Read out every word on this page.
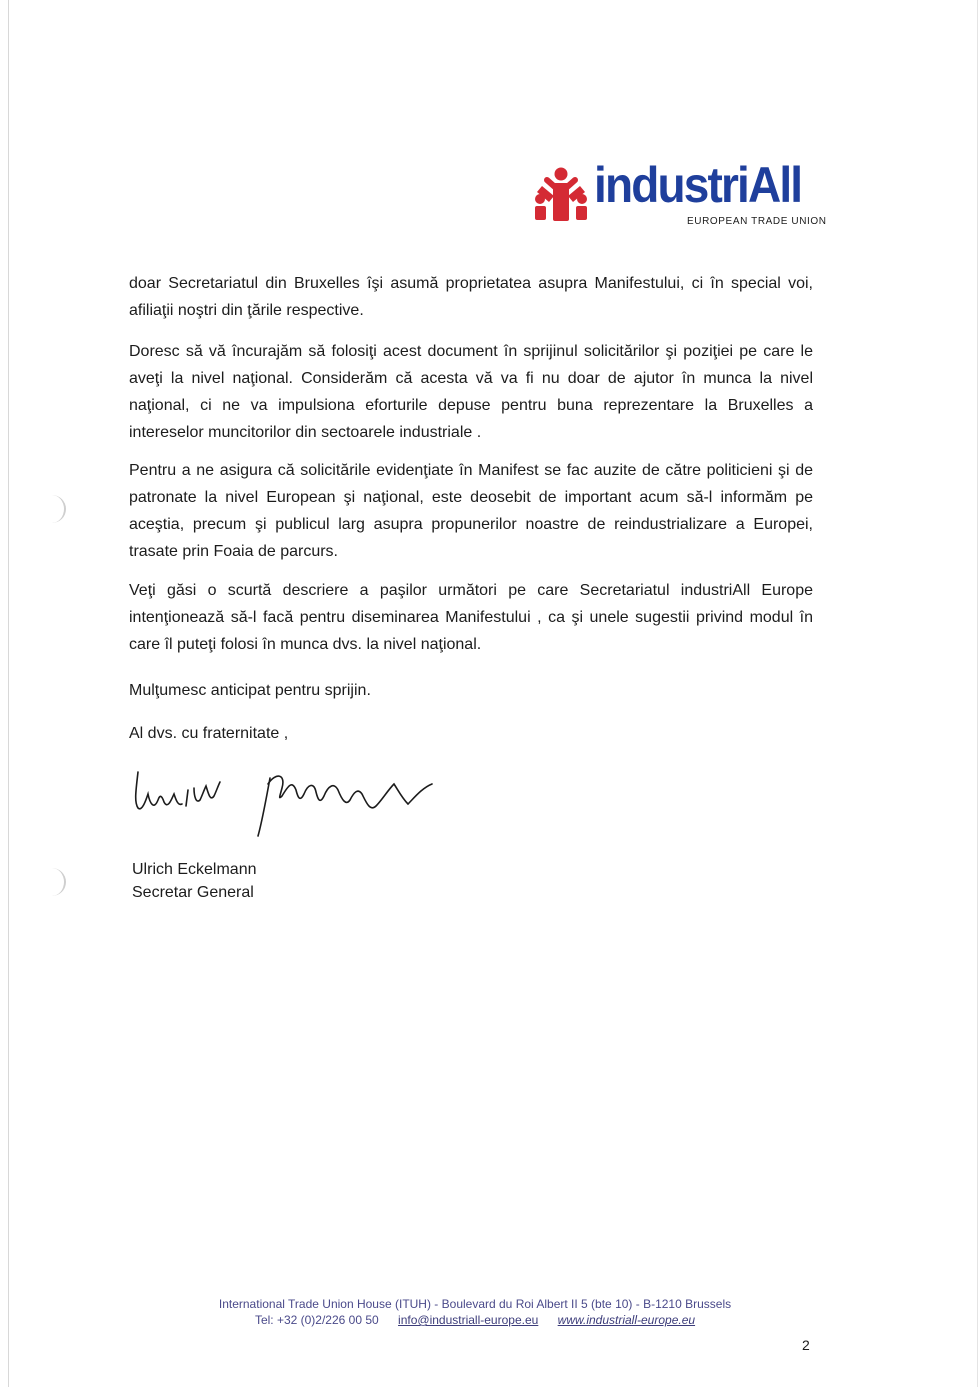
industriAll
EUROPEAN TRADE UNION
doar Secretariatul din Bruxelles îşi asumă proprietatea asupra Manifestului, ci în special voi, afiliaţii noştri din ţările respective.
Doresc să vă încurajăm să folosiţi acest document în sprijinul solicitărilor şi poziţiei pe care le aveţi la nivel naţional. Considerăm că acesta vă va fi nu doar de ajutor în munca la nivel naţional, ci ne va impulsiona eforturile depuse pentru buna reprezentare la Bruxelles a intereselor muncitorilor din sectoarele industriale .
Pentru a ne asigura că solicitările evidenţiate în Manifest se fac auzite de către politicieni şi de patronate la nivel European şi naţional, este deosebit de important acum să-l informăm pe aceştia, precum şi publicul larg asupra propunerilor noastre de reindustrializare a Europei, trasate prin Foaia de parcurs.
Veţi găsi o scurtă descriere a paşilor următori pe care Secretariatul industriAll Europe intenţionează să-l facă pentru diseminarea Manifestului , ca şi unele sugestii privind modul în care îl puteţi folosi în munca dvs. la nivel naţional.
Mulţumesc anticipat pentru sprijin.
Al dvs. cu fraternitate ,
Ulrich Eckelmann
Secretar General
International Trade Union House (ITUH) - Boulevard du Roi Albert II 5 (bte 10) - B-1210 Brussels
Tel: +32 (0)2/226 00 50 info@industriall-europe.eu www.industriall-europe.eu
2
